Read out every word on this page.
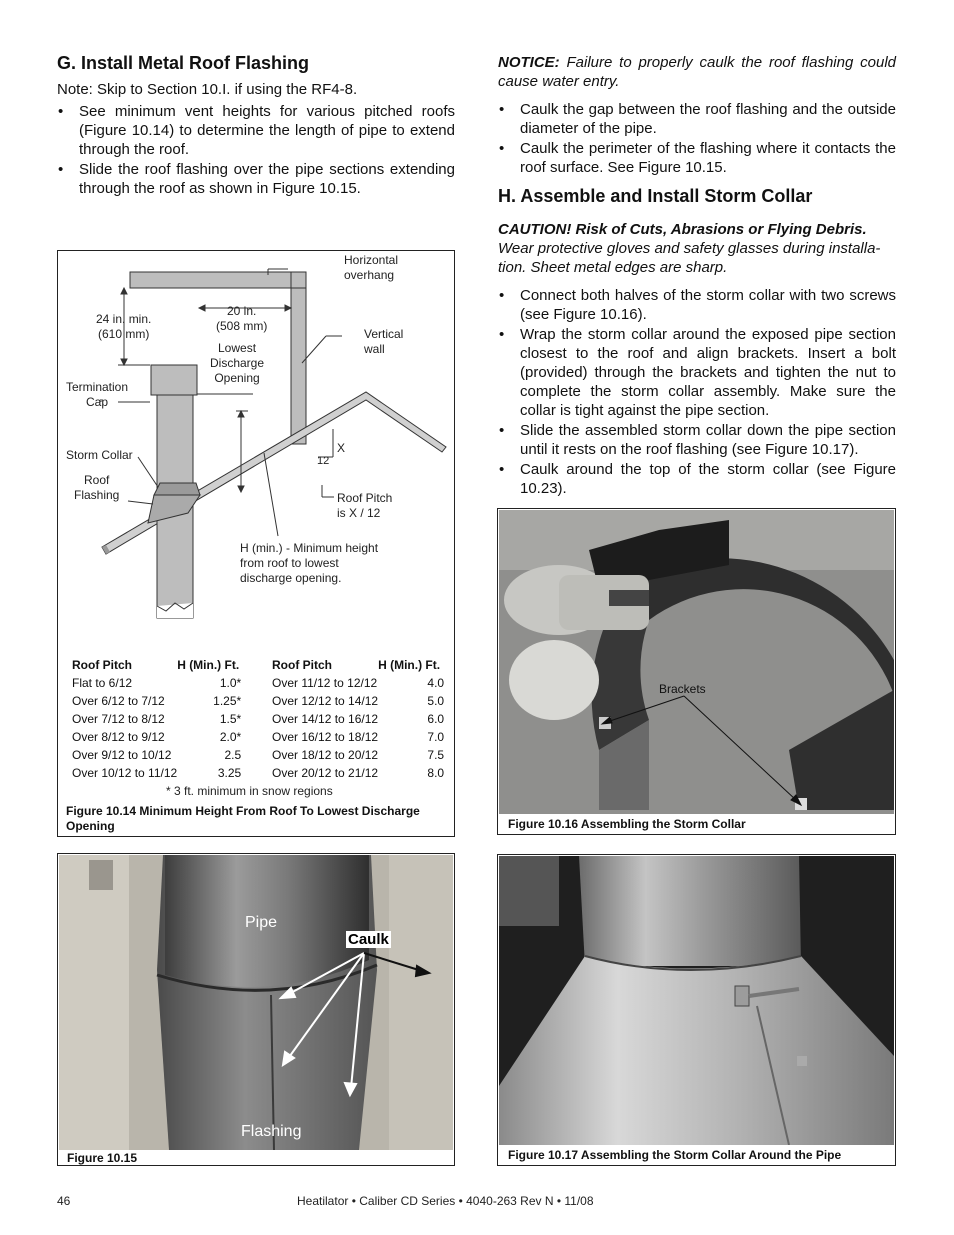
G. Install Metal Roof Flashing

Note: Skip to Section 10.I. if using the RF4-8.

• See minimum vent heights for various pitched roofs (Figure 10.14) to determine the length of pipe to extend through the roof.
• Slide the roof flashing over the pipe sections extending through the roof as shown in Figure 10.15.

NOTICE: Failure to properly caulk the roof flashing could cause water entry.

• Caulk the gap between the roof flashing and the outside diameter of the pipe.
• Caulk the perimeter of the flashing where it contacts the roof surface. See Figure 10.15.
H. Assemble and Install Storm Collar

CAUTION! Risk of Cuts, Abrasions or Flying Debris.
Wear protective gloves and safety glasses during installa-tion. Sheet metal edges are sharp.

• Connect both halves of the storm collar with two screws (see Figure 10.16).
• Wrap the storm collar around the exposed pipe section closest to the roof and align brackets. Insert a bolt (provided) through the brackets and tighten the nut to complete the storm collar assembly. Make sure the collar is tight against the pipe section.
• Slide the assembled storm collar down the pipe section until it rests on the roof flashing (see Figure 10.17).
• Caulk around the top of the storm collar (see Figure 10.23).
Horizontal
overhang
24 in. min.
(610 mm)
20 in.
(508 mm)
Lowest
Discharge
Opening
Vertical
wall
Termination
Cap
Storm Collar
Roof
Flashing
X
12
Roof Pitch
is X / 12
H (min.) - Minimum height
from roof to lowest
discharge opening.
Roof Pitch	H (Min.) Ft.
Flat to 6/12	1.0*
Over 6/12 to 7/12	1.25*
Over 7/12 to 8/12	1.5*
Over 8/12 to 9/12	2.0*
Over 9/12 to 10/12	2.5
Over 10/12 to 11/12	3.25
Roof Pitch	H (Min.) Ft.
Over 11/12 to 12/12	4.0
Over 12/12 to 14/12	5.0
Over 14/12 to 16/12	6.0
Over 16/12 to 18/12	7.0
Over 18/12 to 20/12	7.5
Over 20/12 to 21/12	8.0
* 3 ft. minimum in snow regions
Figure 10.14 Minimum Height From Roof To Lowest Discharge Opening
Pipe
Caulk
Flashing
Figure 10.15
Brackets
Figure 10.16 Assembling the Storm Collar
Figure 10.17 Assembling the Storm Collar Around the Pipe
46	Heatilator • Caliber CD Series • 4040-263 Rev N • 11/08
